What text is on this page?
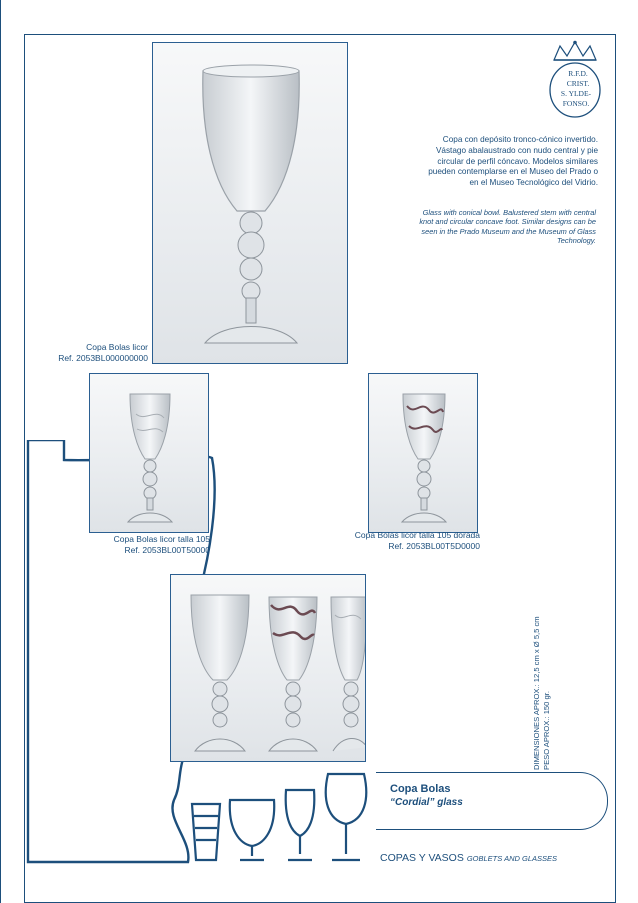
R.F.D.
CRIST.
S. YLDE-
FONSO.
Copa con depósito tronco-cónico invertido. Vástago abalaustrado con nudo central y pie circular de perfil cóncavo. Modelos similares pueden contemplarse en el Museo del Prado o en el Museo Tecnológico del Vidrio.
Glass with conical bowl. Balustered stem with central knot and circular concave foot. Similar designs can be seen in the Prado Museum and the Museum of Glass Technology.
Copa Bolas licor
Ref. 2053BL000000000
Copa Bolas licor talla 105
Ref. 2053BL00T50000
Copa Bolas licor talla 105 dorada
Ref. 2053BL00T5D0000
DIMENSIONES APROX.: 12,5 cm x Ø 5,5 cm PESO APROX.: 150 gr.
Copa Bolas
“Cordial” glass
COPAS Y VASOS GOBLETS AND GLASSES
